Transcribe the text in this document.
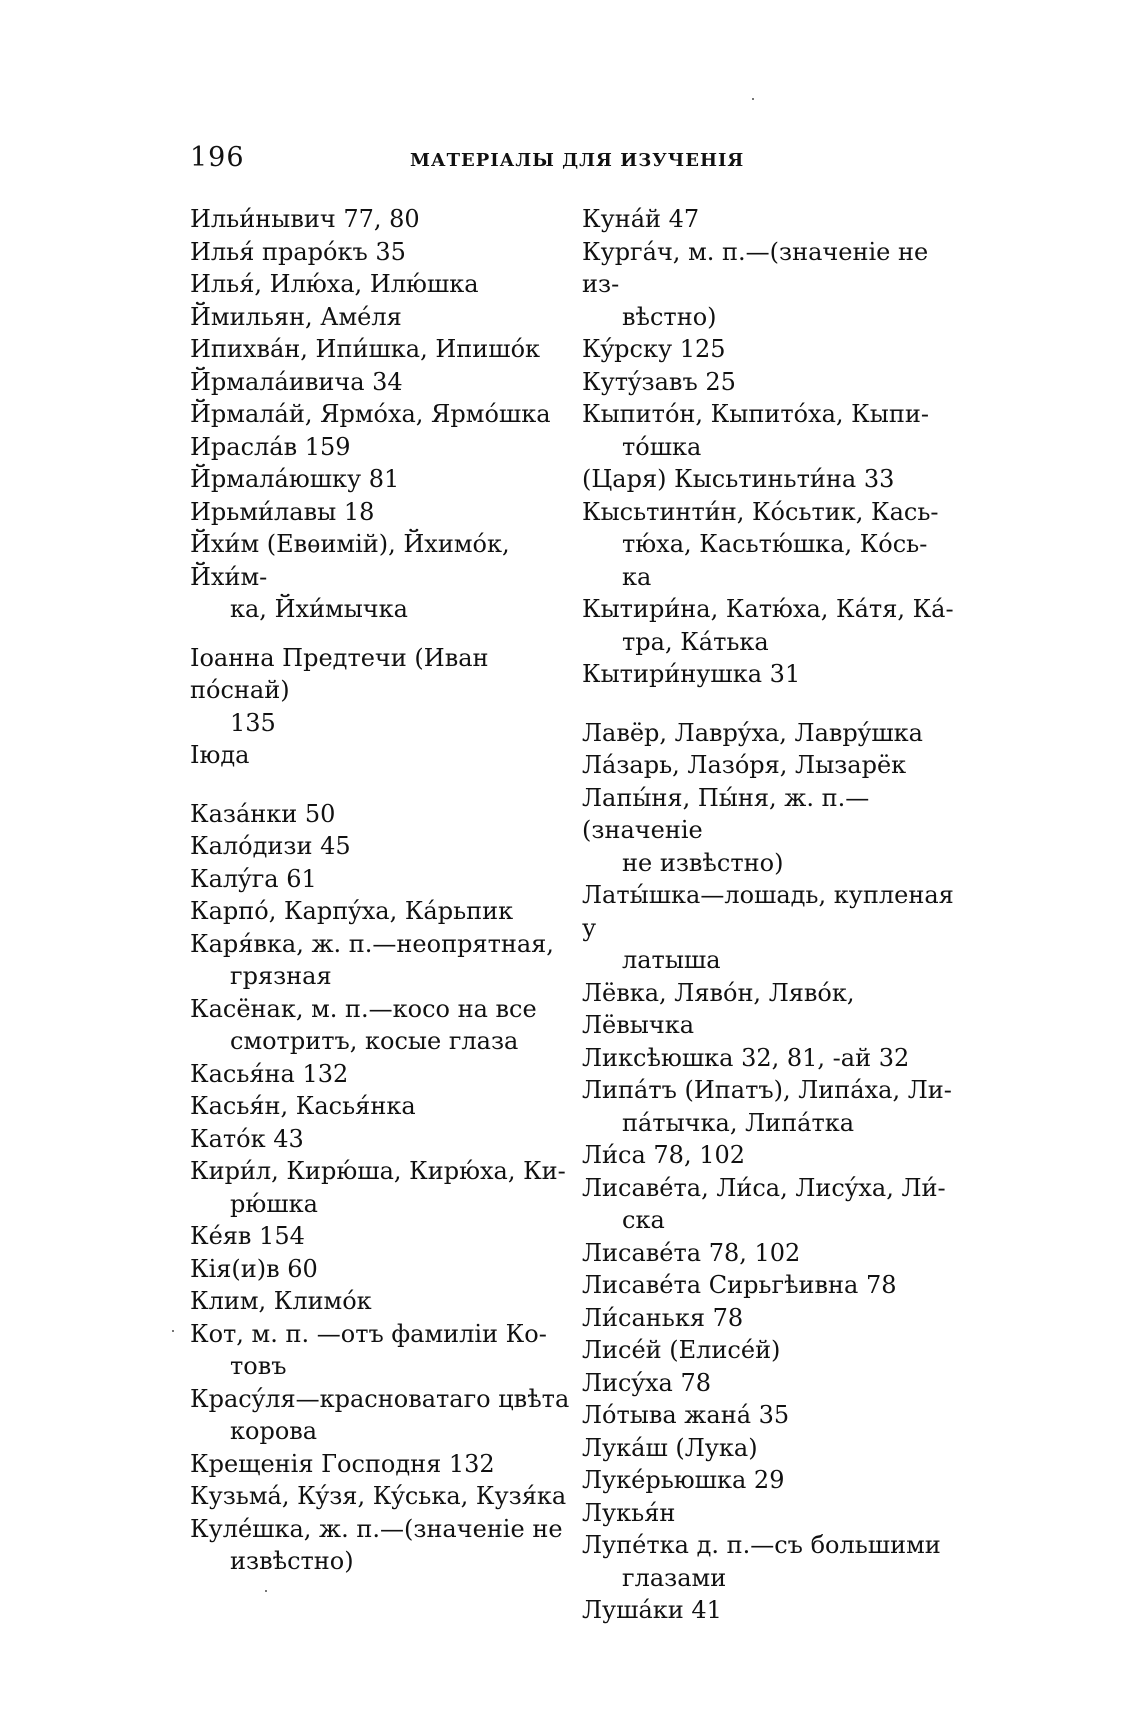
196	МАТЕРІАЛЫ ДЛЯ ИЗУЧЕНІЯ
Ильи́нывич 77, 80
Илья́ прарóкъ 35
Илья́, Илю́ха, Илю́шка
Ймильян, Амéля
Ипихвáн, Ипи́шка, Ипишóк
Йрмалáивича 34
Йрмалáй, Ярмóха, Ярмóшка
Ираслáв 159
Йрмалáюшку 81
Ирьми́лавы 18
Йхи́м (Евѳимій), Йхимóк, Йхи́м-
ка, Йхи́мычка
Іоанна Предтечи (Иван пóснай)
135
Іюда
Казáнки 50
Калóдизи 45
Калýга 61
Карпó, Карпýха, Кáрьпик
Каря́вка, ж. п.—неопрятная,
грязная
Касёнак, м. п.—косо на все
смотритъ, косые глаза
Касья́на 132
Касья́н, Касья́нка
Катóк 43
Кири́л, Кирю́ша, Кирю́ха, Ки-
рю́шка
Кéяв 154
Кія(и)в 60
Клим, Климóк
Кот, м. п. —отъ фамиліи Ко-
товъ
Красýля—красноватаго цвѣта
корова
Крещенія Господня 132
Кузьмá, Кýзя, Кýська, Кузя́ка
Кулéшка, ж. п.—(значеніе не
извѣстно)
Кунáй 47
Кургáч, м. п.—(значеніе не из-
вѣстно)
Кýрску 125
Кутýзавъ 25
Кыпитóн, Кыпитóха, Кыпи-
тóшка
(Царя) Кысьтиньти́на 33
Кысьтинти́н, Кóсьтик, Кась-
тю́ха, Касьтю́шка, Кóсь-
ка
Кытири́на, Катю́ха, Кáтя, Кá-
тра, Кáтька
Кытири́нушка 31
Лавёр, Лаврýха, Лаврýшка
Лáзарь, Лазóря, Лызарёк
Лапы́ня, Пы́ня, ж. п.—(значеніе
не извѣстно)
Латы́шка—лошадь, купленая у
латыша
Лёвка, Лявóн, Лявóк, Лёвычка
Ликсѣюшка 32, 81, -ай 32
Липáтъ (Ипатъ), Липáха, Ли-
пáтычка, Липáтка
Ли́са 78, 102
Лисавéта, Ли́са, Лисýха, Ли́-
ска
Лисавéта 78, 102
Лисавéта Сирьгѣивна 78
Ли́санькя 78
Лисéй (Елисéй)
Лисýха 78
Лóтыва жанá 35
Лукáш (Лука)
Лукéрьюшка 29
Лукья́н
Лупéтка д. п.—съ большими
глазами
Лушáки 41
